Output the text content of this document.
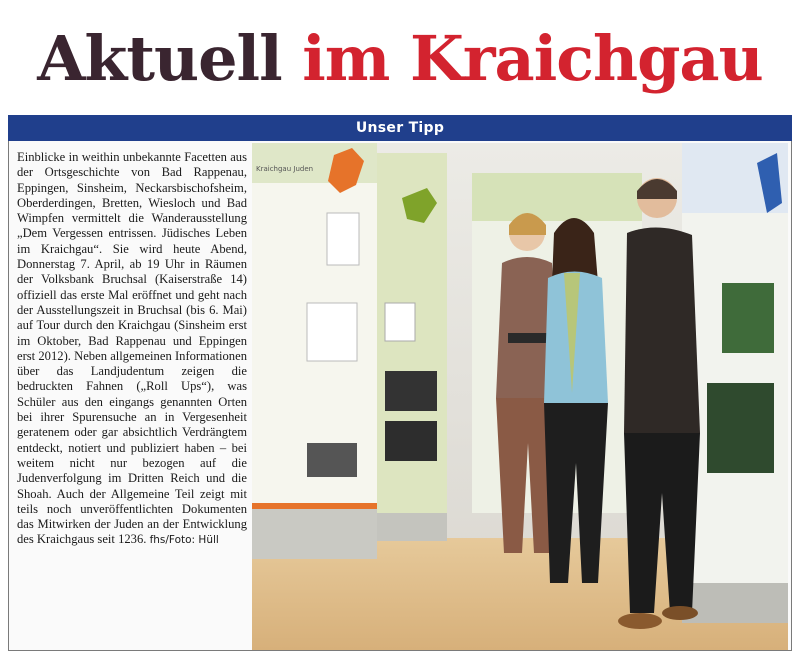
Aktuell im Kraichgau
Unser Tipp
Einblicke in weithin unbekannte Facetten aus der Ortsgeschichte von Bad Rappenau, Eppingen, Sinsheim, Neckarsbischofsheim, Oberderdingen, Bretten, Wiesloch und Bad Wimpfen vermittelt die Wanderausstellung „Dem Vergessen entrissen. Jüdisches Leben im Kraichgau“. Sie wird heute Abend, Donnerstag 7. April, ab 19 Uhr in Räumen der Volksbank Bruchsal (Kaiserstraße 14) offiziell das erste Mal eröffnet und geht nach der Ausstellungszeit in Bruchsal (bis 6. Mai) auf Tour durch den Kraichgau (Sinsheim erst im Oktober, Bad Rappenau und Eppingen erst 2012). Neben allgemeinen Informationen über das Landjudentum zeigen die bedruckten Fahnen („Roll Ups“), was Schüler aus den eingangs genannten Orten bei ihrer Spurensuche an in Vergesenheit geratenem oder gar absichtlich Verdrängtem entdeckt, notiert und publiziert haben – bei weitem nicht nur bezogen auf die Judenverfolgung im Dritten Reich und die Shoah. Auch der Allgemeine Teil zeigt mit teils noch unveröffentlichten Dokumenten das Mitwirken der Juden an der Entwicklung des Kraichgaus seit 1236. fhs/Foto: Hüll
Kraichgau Juden
